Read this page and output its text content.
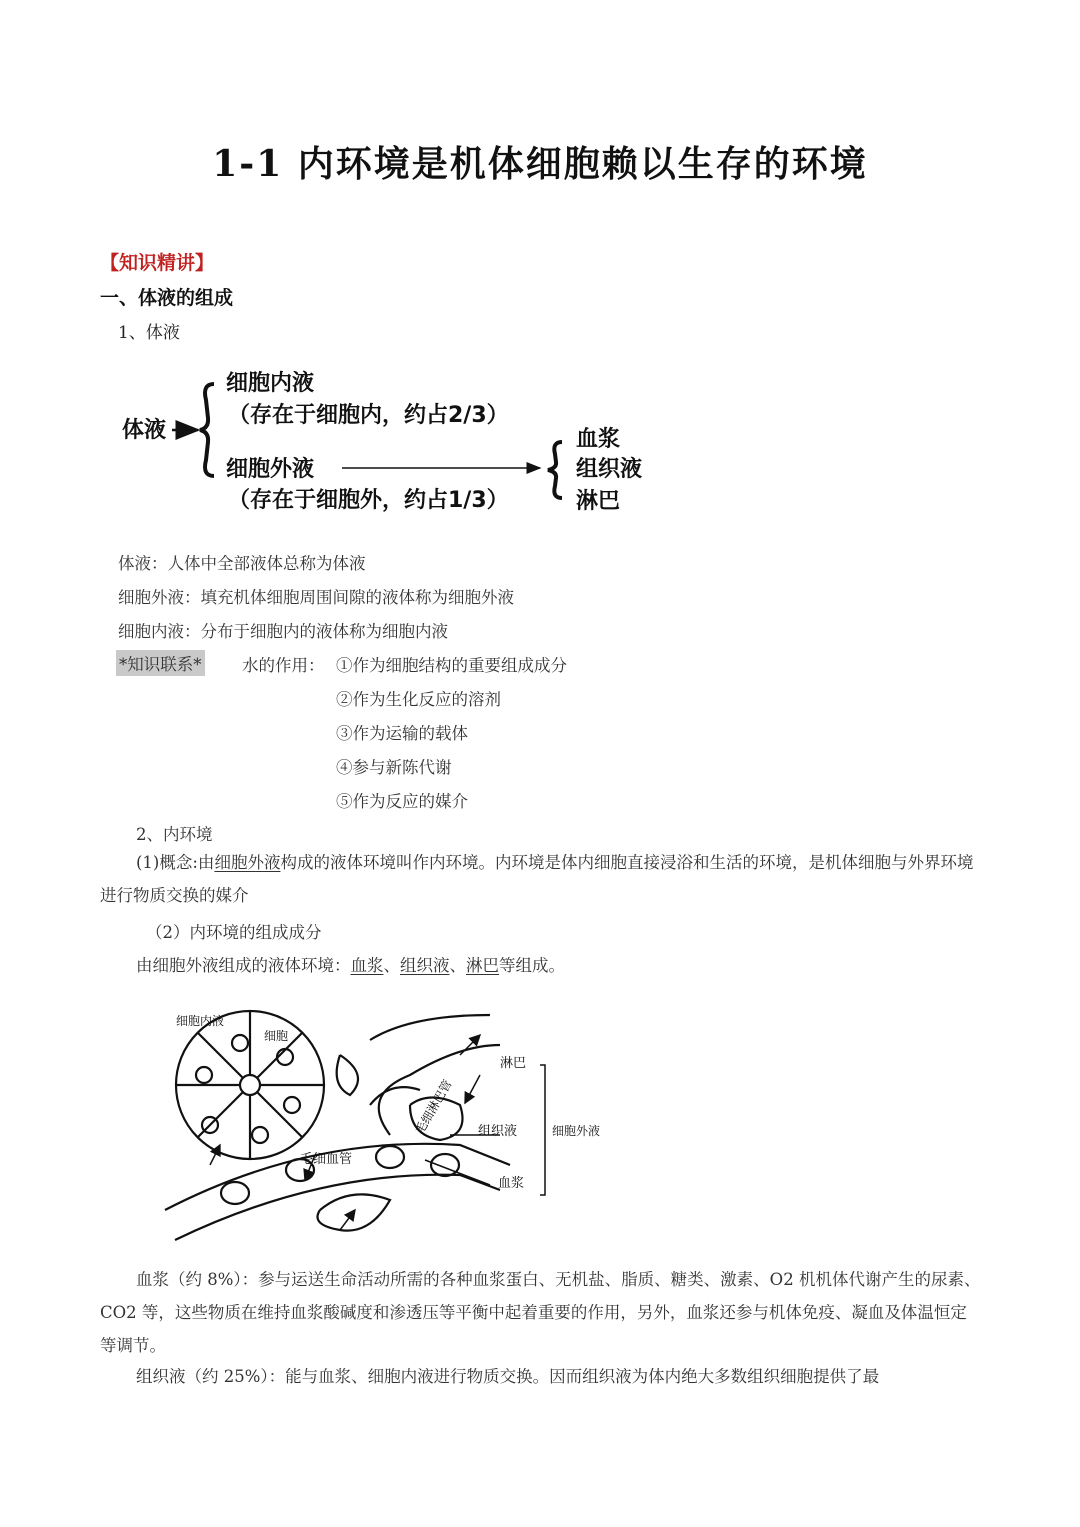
1-1 内环境是机体细胞赖以生存的环境
【知识精讲】
一、体液的组成
1、体液
体液
细胞内液
（存在于细胞内，约占2/3）
细胞外液
（存在于细胞外，约占1/3）
血浆
组织液
淋巴
体液：人体中全部液体总称为体液
细胞外液：填充机体细胞周围间隙的液体称为细胞外液
细胞内液：分布于细胞内的液体称为细胞内液
*知识联系* 水的作用： ①作为细胞结构的重要组成成分
②作为生化反应的溶剂
③作为运输的载体
④参与新陈代谢
⑤作为反应的媒介
2、内环境
(1)概念:由细胞外液构成的液体环境叫作内环境。内环境是体内细胞直接浸浴和生活的环境，是机体细胞与外界环境进行物质交换的媒介
（2）内环境的组成成分
由细胞外液组成的液体环境：血浆、组织液、淋巴等组成。
细胞内液
细胞
淋巴
毛细淋巴管 组织液	细胞外液
毛细血管
血浆
血浆（约 8%）：参与运送生命活动所需的各种血浆蛋白、无机盐、脂质、糖类、激素、O2 机机体代谢产生的尿素、CO2 等，这些物质在维持血浆酸碱度和渗透压等平衡中起着重要的作用，另外，血浆还参与机体免疫、凝血及体温恒定等调节。
组织液（约 25%）：能与血浆、细胞内液进行物质交换。因而组织液为体内绝大多数组织细胞提供了最
